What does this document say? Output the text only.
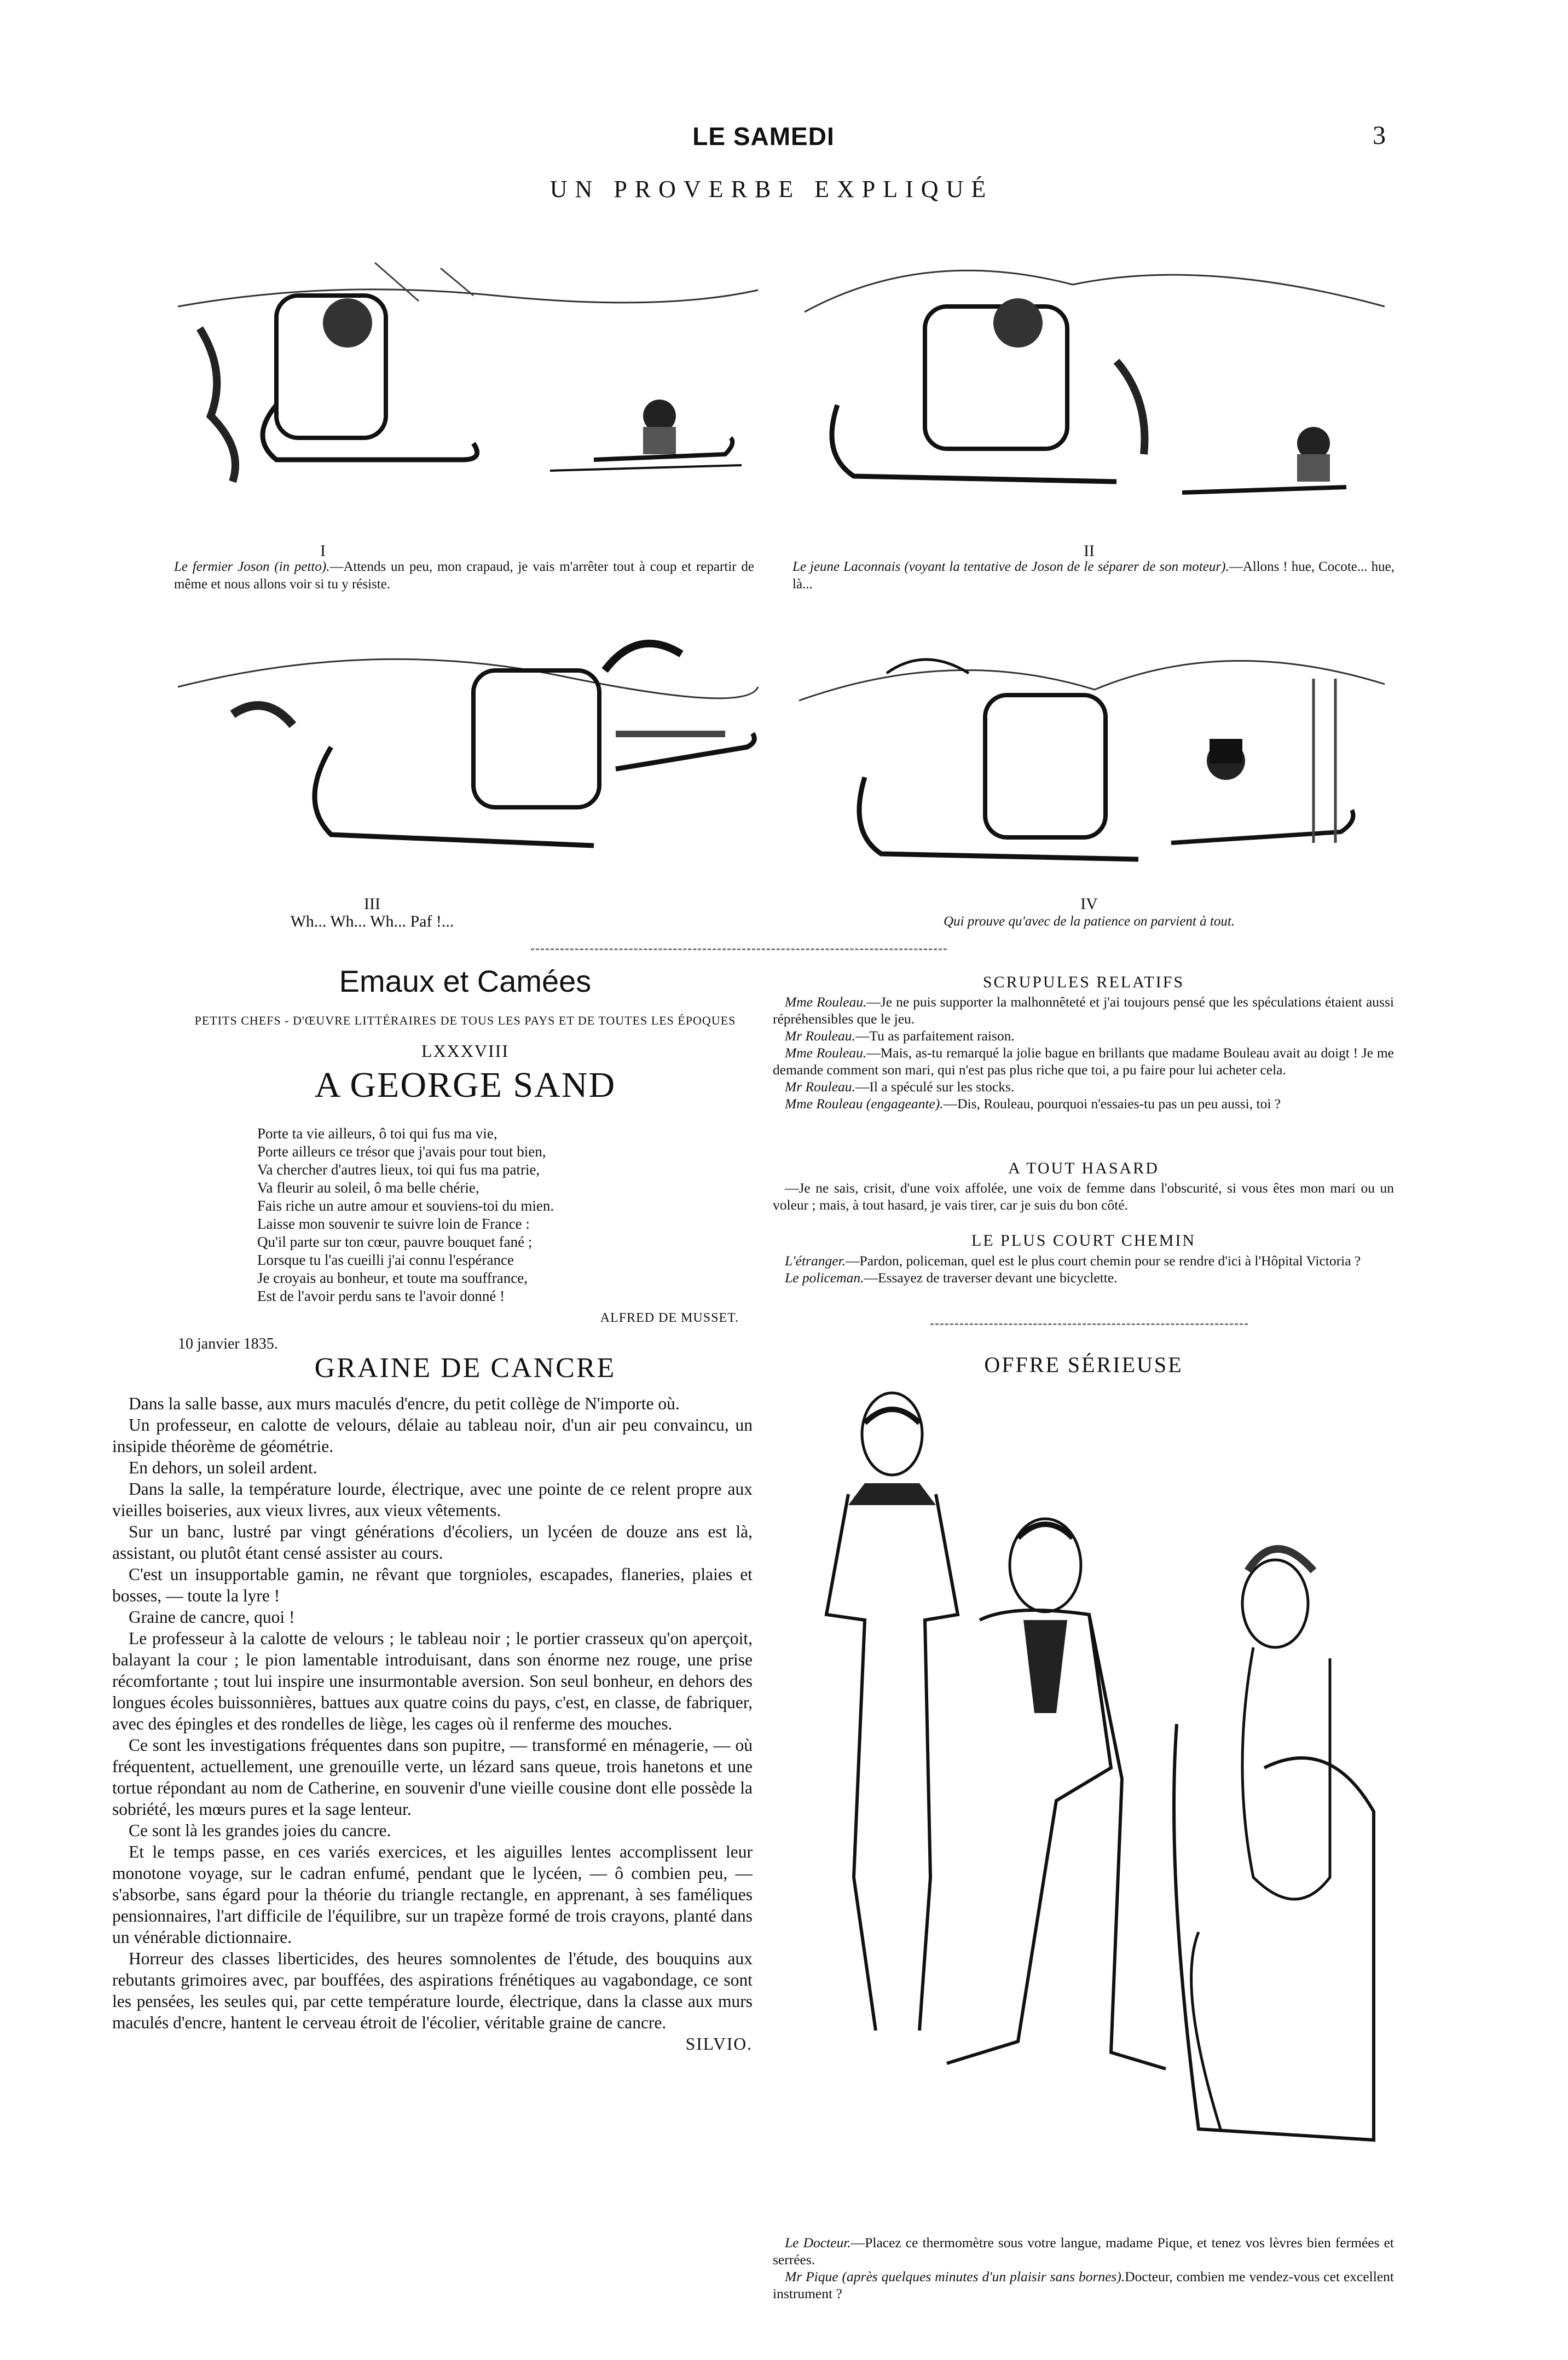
LE SAMEDI	3
UN PROVERBE EXPLIQUÉ
I
Le fermier Joson (in petto).—Attends un peu, mon crapaud, je vais m'arrêter tout à coup et repartir de même et nous allons voir si tu y résiste.
II
Le jeune Laconnais (voyant la tentative de Joson de le séparer de son moteur).—Allons ! hue, Cocote... hue, là...
III
Wh... Wh... Wh... Paf !...
IV
Qui prouve qu'avec de la patience on parvient à tout.
Emaux et Camées
PETITS CHEFS - D'ŒUVRE LITTÉRAIRES DE TOUS LES PAYS ET DE TOUTES LES ÉPOQUES
LXXXVIII
A GEORGE SAND

Porte ta vie ailleurs, ô toi qui fus ma vie,

Porte ailleurs ce trésor que j'avais pour tout bien,

Va chercher d'autres lieux, toi qui fus ma patrie,

Va fleurir au soleil, ô ma belle chérie,

Fais riche un autre amour et souviens-toi du mien.

Laisse mon souvenir te suivre loin de France :

Qu'il parte sur ton cœur, pauvre bouquet fané ;

Lorsque tu l'as cueilli j'ai connu l'espérance

Je croyais au bonheur, et toute ma souffrance,

Est de l'avoir perdu sans te l'avoir donné !

ALFRED DE MUSSET.
10 janvier 1835.
GRAINE DE CANCRE

Dans la salle basse, aux murs maculés d'encre, du petit collège de N'importe où.

Un professeur, en calotte de velours, délaie au tableau noir, d'un air peu convaincu, un insipide théorème de géométrie.

En dehors, un soleil ardent.

Dans la salle, la température lourde, électrique, avec une pointe de ce relent propre aux vieilles boiseries, aux vieux livres, aux vieux vêtements.

Sur un banc, lustré par vingt générations d'écoliers, un lycéen de douze ans est là, assistant, ou plutôt étant censé assister au cours.

C'est un insupportable gamin, ne rêvant que torgnioles, escapades, flaneries, plaies et bosses, — toute la lyre !

Graine de cancre, quoi !

Le professeur à la calotte de velours ; le tableau noir ; le portier crasseux qu'on aperçoit, balayant la cour ; le pion lamentable introduisant, dans son énorme nez rouge, une prise récomfortante ; tout lui inspire une insurmontable aversion. Son seul bonheur, en dehors des longues écoles buissonnières, battues aux quatre coins du pays, c'est, en classe, de fabriquer, avec des épingles et des rondelles de liège, les cages où il renferme des mouches.

Ce sont les investigations fréquentes dans son pupitre, — transformé en ménagerie, — où fréquentent, actuellement, une grenouille verte, un lézard sans queue, trois hanetons et une tortue répondant au nom de Catherine, en souvenir d'une vieille cousine dont elle possède la sobriété, les mœurs pures et la sage lenteur.

Ce sont là les grandes joies du cancre.

Et le temps passe, en ces variés exercices, et les aiguilles lentes accomplissent leur monotone voyage, sur le cadran enfumé, pendant que le lycéen, — ô combien peu, — s'absorbe, sans égard pour la théorie du triangle rectangle, en apprenant, à ses faméliques pensionnaires, l'art difficile de l'équilibre, sur un trapèze formé de trois crayons, planté dans un vénérable dictionnaire.

Horreur des classes liberticides, des heures somnolentes de l'étude, des bouquins aux rebutants grimoires avec, par bouffées, des aspirations frénétiques au vagabondage, ce sont les pensées, les seules qui, par cette température lourde, électrique, dans la classe aux murs maculés d'encre, hantent le cerveau étroit de l'écolier, véritable graine de cancre.

SILVIO.

SCRUPULES RELATIFS

Mme Rouleau.—Je ne puis supporter la malhonnêteté et j'ai toujours pensé que les spéculations étaient aussi répréhensibles que le jeu.

Mr Rouleau.—Tu as parfaitement raison.

Mme Rouleau.—Mais, as-tu remarqué la jolie bague en brillants que madame Bouleau avait au doigt ! Je me demande comment son mari, qui n'est pas plus riche que toi, a pu faire pour lui acheter cela.

Mr Rouleau.—Il a spéculé sur les stocks.

Mme Rouleau (engageante).—Dis, Rouleau, pourquoi n'essaies-tu pas un peu aussi, toi ?

A TOUT HASARD

—Je ne sais, crisit, d'une voix affolée, une voix de femme dans l'obscurité, si vous êtes mon mari ou un voleur ; mais, à tout hasard, je vais tirer, car je suis du bon côté.

LE PLUS COURT CHEMIN

L'étranger.—Pardon, policeman, quel est le plus court chemin pour se rendre d'ici à l'Hôpital Victoria ?

Le policeman.—Essayez de traverser devant une bicyclette.

OFFRE SÉRIEUSE

Le Docteur.—Placez ce thermomètre sous votre langue, madame Pique, et tenez vos lèvres bien fermées et serrées.

Mr Pique (après quelques minutes d'un plaisir sans bornes).Docteur, combien me vendez-vous cet excellent instrument ?
